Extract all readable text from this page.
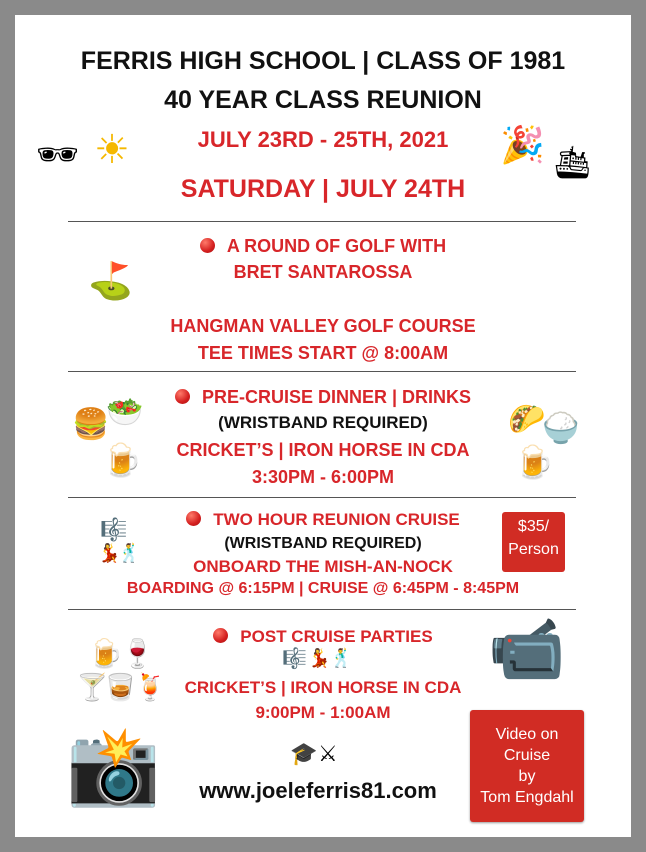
FERRIS HIGH SCHOOL | CLASS OF 1981
40 YEAR CLASS REUNION
JULY 23RD - 25TH, 2021
SATURDAY | JULY 24TH
🕶 ☀	🎉 🛳
A ROUND OF GOLF WITH
BRET SANTAROSSA
⛳
HANGMAN VALLEY GOLF COURSE
TEE TIMES START @ 8:00AM
PRE-CRUISE DINNER | DRINKS
(WRISTBAND REQUIRED)
CRICKET’S | IRON HORSE IN CDA
3:30PM - 6:00PM
🍔
🥗
🍺
🌮
🍚
🍺
TWO HOUR REUNION CRUISE
(WRISTBAND REQUIRED)
ONBOARD THE MISH-AN-NOCK
BOARDING @ 6:15PM | CRUISE @ 6:45PM - 8:45PM
🎼
💃
🕺
$35/
Person
POST CRUISE PARTIES
🎼 💃 🕺
CRICKET’S | IRON HORSE IN CDA
9:00PM - 1:00AM
🍺
🍷
🍸
🥃
🍹
📹
📸	🎓 ⚔
www.joeleferris81.com
Video on
Cruise
by
Tom Engdahl
